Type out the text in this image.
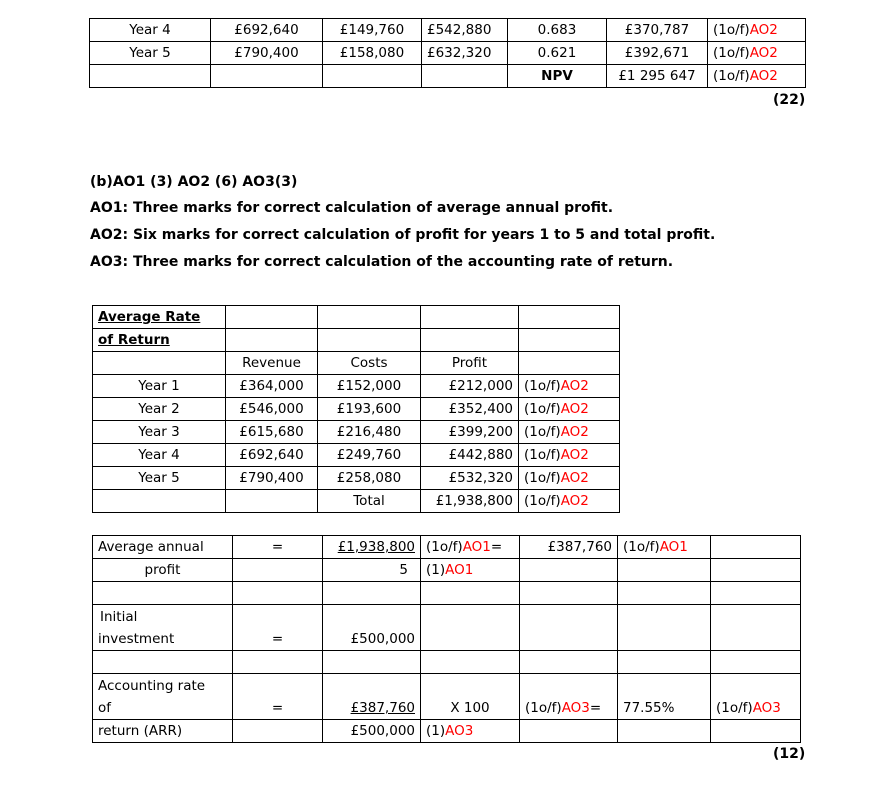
Year 4	£692,640	£149,760	£542,880	0.683	£370,787	(1o/f)AO2
Year 5	£790,400	£158,080	£632,320	0.621	£392,671	(1o/f)AO2
				NPV	£1 295 647	(1o/f)AO2
(22)
(b)AO1 (3) AO2 (6) AO3(3)
AO1: Three marks for correct calculation of average annual profit.
AO2: Six marks for correct calculation of profit for years 1 to 5 and total profit.
AO3: Three marks for correct calculation of the accounting rate of return.
Average Rate				
of Return				
	Revenue	Costs	Profit	
Year 1	£364,000	£152,000	£212,000	(1o/f)AO2
Year 2	£546,000	£193,600	£352,400	(1o/f)AO2
Year 3	£615,680	£216,480	£399,200	(1o/f)AO2
Year 4	£692,640	£249,760	£442,880	(1o/f)AO2
Year 5	£790,400	£258,080	£532,320	(1o/f)AO2
		Total	£1,938,800	(1o/f)AO2
Average annual	=	£1,938,800	(1o/f)AO1=	£387,760	(1o/f)AO1	
profit		5	(1)AO1			

Initial
investment	=	£500,000				

Accounting rate
of	=	£387,760	X 100	(1o/f)AO3=	77.55%	(1o/f)AO3
return (ARR)		£500,000	(1)AO3			
(12)
